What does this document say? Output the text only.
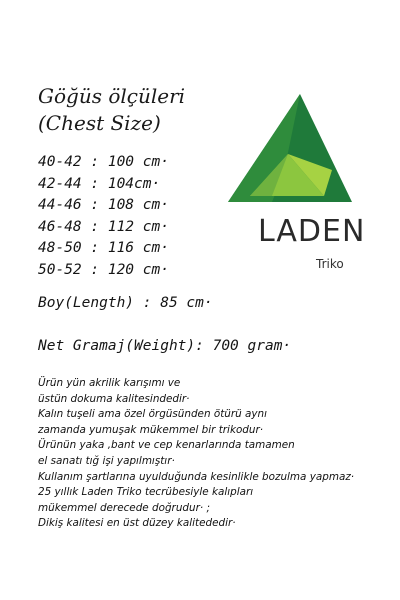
Göğüs ölçüleri
(Chest Size)
40-42 : 100 cm·
42-44 : 104cm·
44-46 : 108 cm·
46-48 : 112 cm·
48-50 : 116 cm·
50-52 : 120 cm·
Boy(Length) : 85 cm·
Net Gramaj(Weight): 700 gram·
Ürün yün akrilik karışımı ve
üstün dokuma kalitesindedir·
Kalın tuşeli ama özel örgüsünden ötürü aynı
zamanda yumuşak mükemmel bir trikodur·
Ürünün yaka ,bant ve cep kenarlarında tamamen
el sanatı tığ işi yapılmıştır·
Kullanım şartlarına uyulduğunda kesinlikle bozulma yapmaz·
25 yıllık Laden Triko tecrübesiyle kalıpları
mükemmel derecede doğrudur· ;
Dikiş kalitesi en üst düzey kalitededir·
LADEN
Triko
